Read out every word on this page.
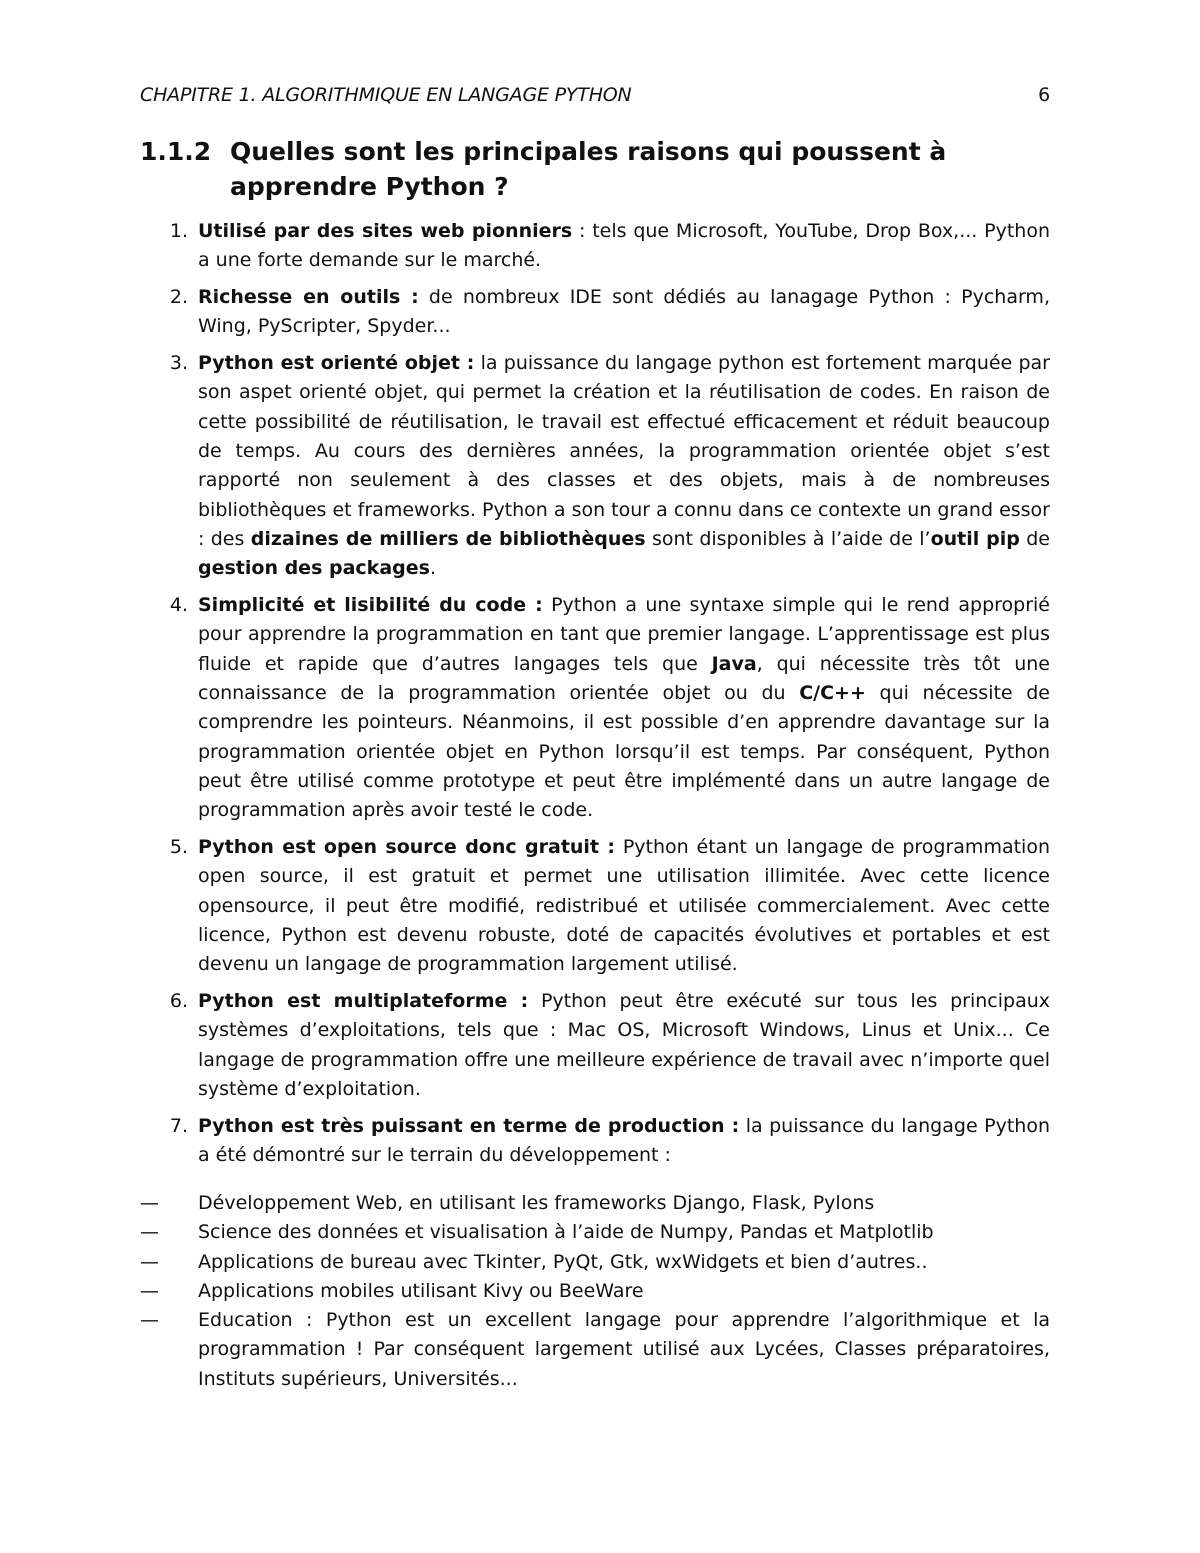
CHAPITRE 1. ALGORITHMIQUE EN LANGAGE PYTHON	6
1.1.2 Quelles sont les principales raisons qui poussent à apprendre Python ?
1. Utilisé par des sites web pionniers : tels que Microsoft, YouTube, Drop Box,... Python a une forte demande sur le marché.
2. Richesse en outils : de nombreux IDE sont dédiés au lanagage Python : Pycharm, Wing, PyScripter, Spyder...
3. Python est orienté objet : la puissance du langage python est fortement marquée par son aspet orienté objet, qui permet la création et la réutilisation de codes. En raison de cette possibilité de réutilisation, le travail est effectué efficacement et réduit beaucoup de temps. Au cours des dernières années, la programmation orientée objet s’est rapporté non seulement à des classes et des objets, mais à de nombreuses bibliothèques et frameworks. Python a son tour a connu dans ce contexte un grand essor : des dizaines de milliers de bibliothèques sont disponibles à l’aide de l’outil pip de gestion des packages.
4. Simplicité et lisibilité du code : Python a une syntaxe simple qui le rend approprié pour apprendre la programmation en tant que premier langage. L’apprentissage est plus fluide et rapide que d’autres langages tels que Java, qui nécessite très tôt une connaissance de la programmation orientée objet ou du C/C++ qui nécessite de comprendre les pointeurs. Néanmoins, il est possible d’en apprendre davantage sur la programmation orientée objet en Python lorsqu’il est temps. Par conséquent, Python peut être utilisé comme prototype et peut être implémenté dans un autre langage de programmation après avoir testé le code.
5. Python est open source donc gratuit : Python étant un langage de programmation open source, il est gratuit et permet une utilisation illimitée. Avec cette licence opensource, il peut être modifié, redistribué et utilisée commercialement. Avec cette licence, Python est devenu robuste, doté de capacités évolutives et portables et est devenu un langage de programmation largement utilisé.
6. Python est multiplateforme : Python peut être exécuté sur tous les principaux systèmes d’exploitations, tels que : Mac OS, Microsoft Windows, Linus et Unix... Ce langage de programmation offre une meilleure expérience de travail avec n’importe quel système d’exploitation.
7. Python est très puissant en terme de production : la puissance du langage Python a été démontré sur le terrain du développement :
—	Développement Web, en utilisant les frameworks Django, Flask, Pylons
—	Science des données et visualisation à l’aide de Numpy, Pandas et Matplotlib
—	Applications de bureau avec Tkinter, PyQt, Gtk, wxWidgets et bien d’autres..
—	Applications mobiles utilisant Kivy ou BeeWare
—	Education : Python est un excellent langage pour apprendre l’algorithmique et la programmation ! Par conséquent largement utilisé aux Lycées, Classes préparatoires, Instituts supérieurs, Universités...
